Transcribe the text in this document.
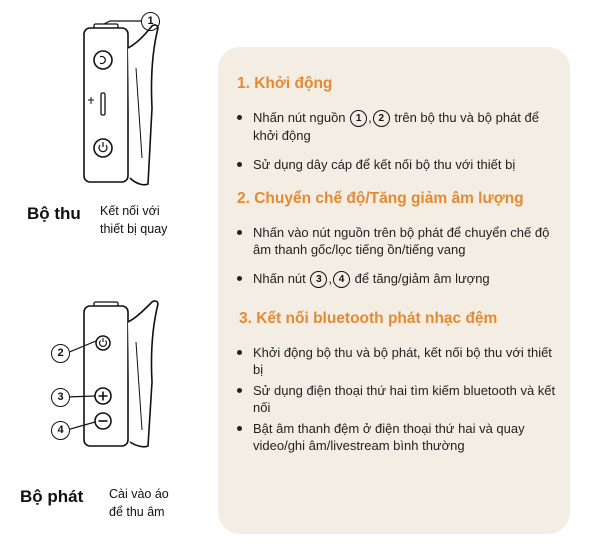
1
Bộ thu Kết nối với
thiết bị quay
2
3
4
Bộ phát Cài vào áo
để thu âm
1. Khởi động
Nhấn nút nguồn 1 , 2 trên bộ thu và bộ phát để khởi động
Sử dụng dây cáp để kết nối bộ thu với thiết bị
2. Chuyển chế độ/Tăng giảm âm lượng
Nhấn vào nút nguồn trên bộ phát để chuyển chế độ âm thanh gốc/lọc tiếng ồn/tiếng vang
Nhấn nút 3 , 4 để tăng/giảm âm lượng
3. Kết nối bluetooth phát nhạc đệm
Khởi động bộ thu và bộ phát, kết nối bộ thu với thiết bị
Sử dụng điện thoại thứ hai tìm kiếm bluetooth và kết nối
Bật âm thanh đệm ở điện thoại thứ hai và quay video/ghi âm/livestream bình thường
